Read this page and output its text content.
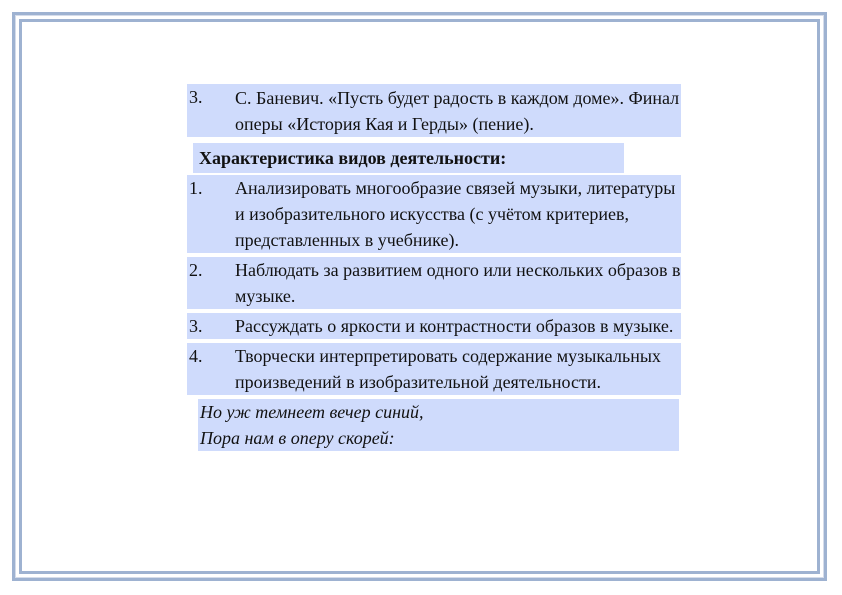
3. С. Баневич. «Пусть будет радость в каждом доме». Финал оперы «История Кая и Герды» (пение).
Характеристика видов деятельности:
1. Анализировать многообразие связей музыки, литературы и изобразительного искусства (с учётом критериев, представленных в учебнике).
2. Наблюдать за развитием одного или нескольких образов в музыке.
3. Рассуждать о яркости и контрастности образов в музыке.
4. Творчески интерпретировать содержание музыкальных произведений в изобразительной деятельности.
Но уж темнеет вечер синий,
Пора нам в оперу скорей:
